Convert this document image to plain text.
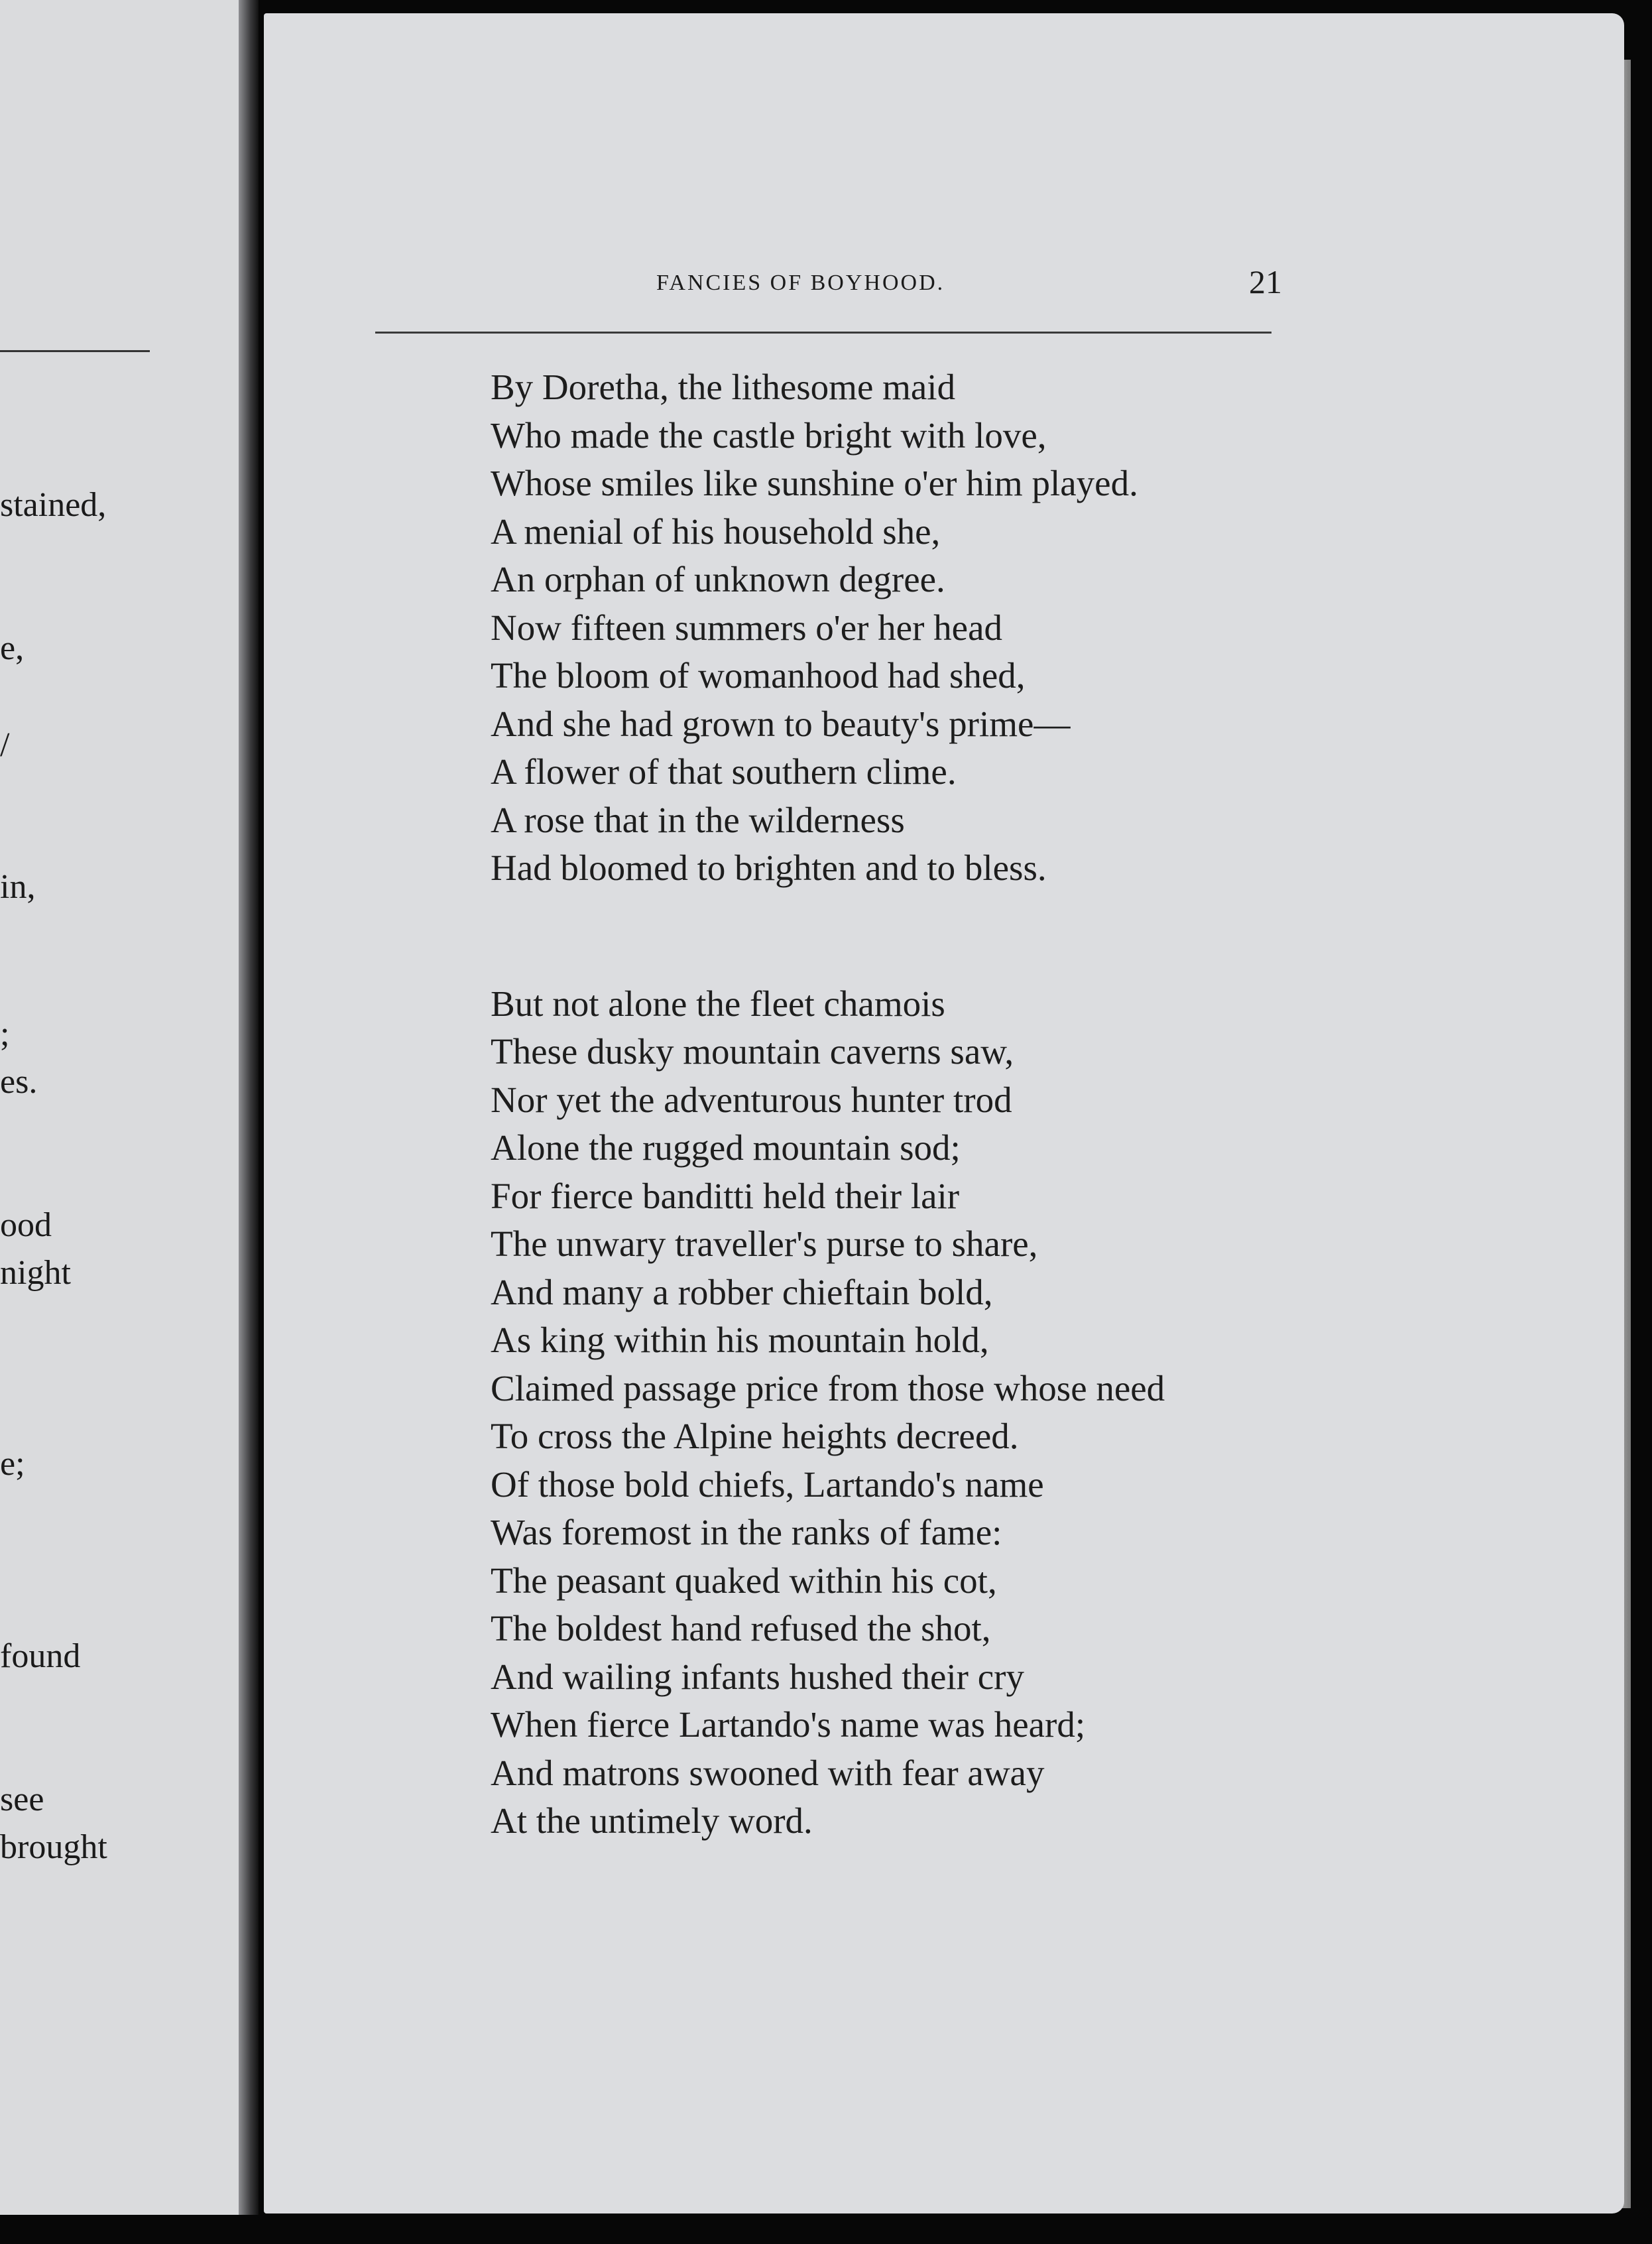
stained,
e,
/
in,
;
es.
ood
night
e;
found
see
brought
FANCIES OF BOYHOOD.	21
By Doretha, the lithesome maid
Who made the castle bright with love,
Whose smiles like sunshine o'er him played.
A menial of his household she,
An orphan of unknown degree.
Now fifteen summers o'er her head
The bloom of womanhood had shed,
And she had grown to beauty's prime—
A flower of that southern clime.
A rose that in the wilderness
Had bloomed to brighten and to bless.
But not alone the fleet chamois
These dusky mountain caverns saw,
Nor yet the adventurous hunter trod
Alone the rugged mountain sod;
For fierce banditti held their lair
The unwary traveller's purse to share,
And many a robber chieftain bold,
As king within his mountain hold,
Claimed passage price from those whose need
To cross the Alpine heights decreed.
Of those bold chiefs, Lartando's name
Was foremost in the ranks of fame:
The peasant quaked within his cot,
The boldest hand refused the shot,
And wailing infants hushed their cry
When fierce Lartando's name was heard;
And matrons swooned with fear away
At the untimely word.
